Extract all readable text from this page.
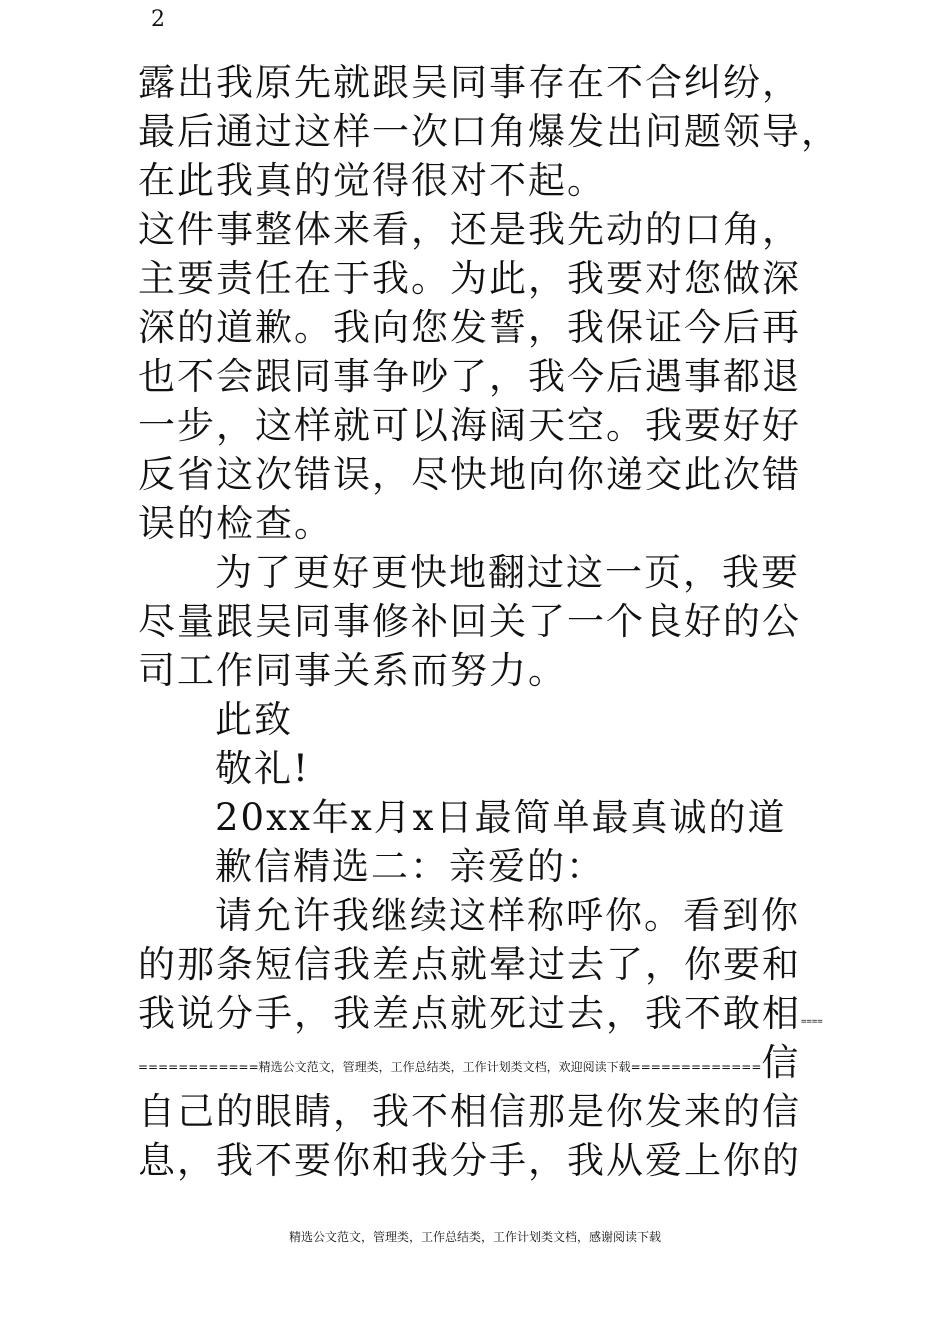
2
露出我原先就跟吴同事存在不合纠纷，
最后通过这样一次口角爆发出问题领导，
在此我真的觉得很对不起。
这件事整体来看，还是我先动的口角，
主要责任在于我。为此，我要对您做深
深的道歉。我向您发誓，我保证今后再
也不会跟同事争吵了，我今后遇事都退
一步，这样就可以海阔天空。我要好好
反省这次错误，尽快地向你递交此次错
误的检查。
为了更好更快地翻过这一页，我要
尽量跟吴同事修补回关了一个良好的公
司工作同事关系而努力。
此致
敬礼!
20xx年x月x日最简单最真诚的道
歉信精选二：亲爱的：
请允许我继续这样称呼你。看到你
的那条短信我差点就晕过去了，你要和
我说分手，我差点就死过去，我不敢相====
$^{============精选公文范文,管理类,工作总结类,工作计划类文档,欢迎阅读下载=============}$信
自己的眼睛，我不相信那是你发来的信
息，我不要你和我分手，我从爱上你的
精选公文范文，管理类，工作总结类，工作计划类文档，感谢阅读下载
